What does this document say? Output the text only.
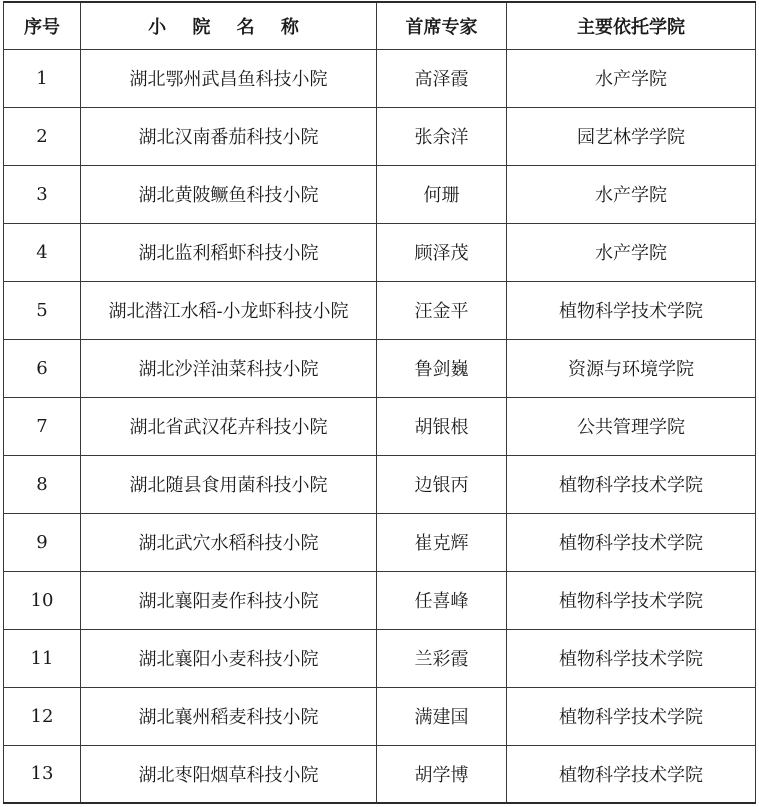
序号	小 院 名 称	首席专家	主要依托学院
1	湖北鄂州武昌鱼科技小院	高泽霞	水产学院
2	湖北汉南番茄科技小院	张余洋	园艺林学学院
3	湖北黄陂鳜鱼科技小院	何珊	水产学院
4	湖北监利稻虾科技小院	顾泽茂	水产学院
5	湖北潜江水稻-小龙虾科技小院	汪金平	植物科学技术学院
6	湖北沙洋油菜科技小院	鲁剑巍	资源与环境学院
7	湖北省武汉花卉科技小院	胡银根	公共管理学院
8	湖北随县食用菌科技小院	边银丙	植物科学技术学院
9	湖北武穴水稻科技小院	崔克辉	植物科学技术学院
10	湖北襄阳麦作科技小院	任喜峰	植物科学技术学院
11	湖北襄阳小麦科技小院	兰彩霞	植物科学技术学院
12	湖北襄州稻麦科技小院	满建国	植物科学技术学院
13	湖北枣阳烟草科技小院	胡学博	植物科学技术学院
